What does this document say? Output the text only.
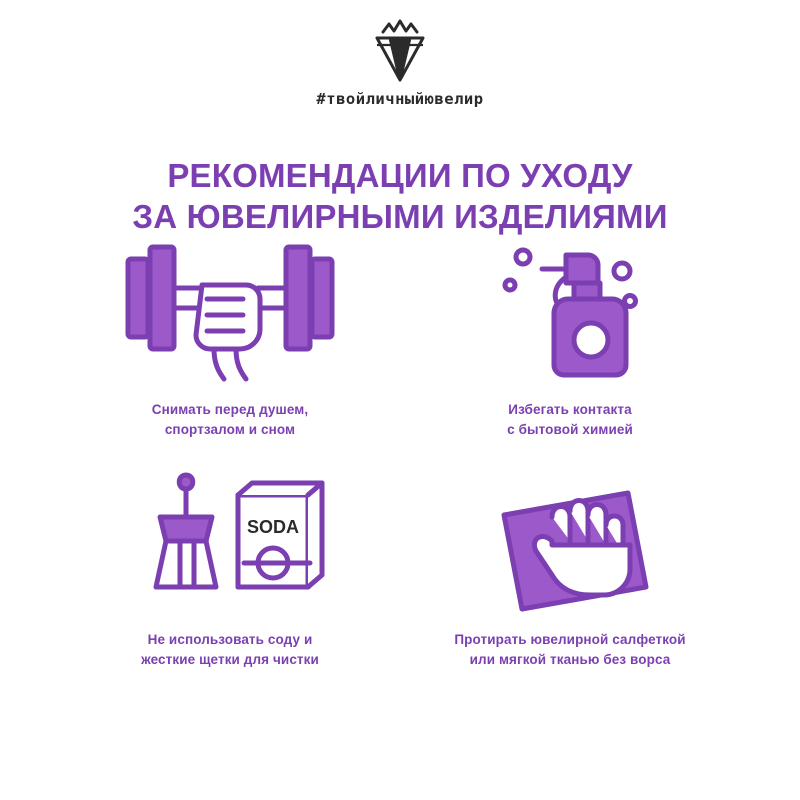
#твойличныйювелир
РЕКОМЕНДАЦИИ ПО УХОДУ
ЗА ЮВЕЛИРНЫМИ ИЗДЕЛИЯМИ
Снимать перед душем,
спортзалом и сном
Избегать контакта
с бытовой химией
SODA
Не использовать соду и
жесткие щетки для чистки
Протирать ювелирной салфеткой
или мягкой тканью без ворса
